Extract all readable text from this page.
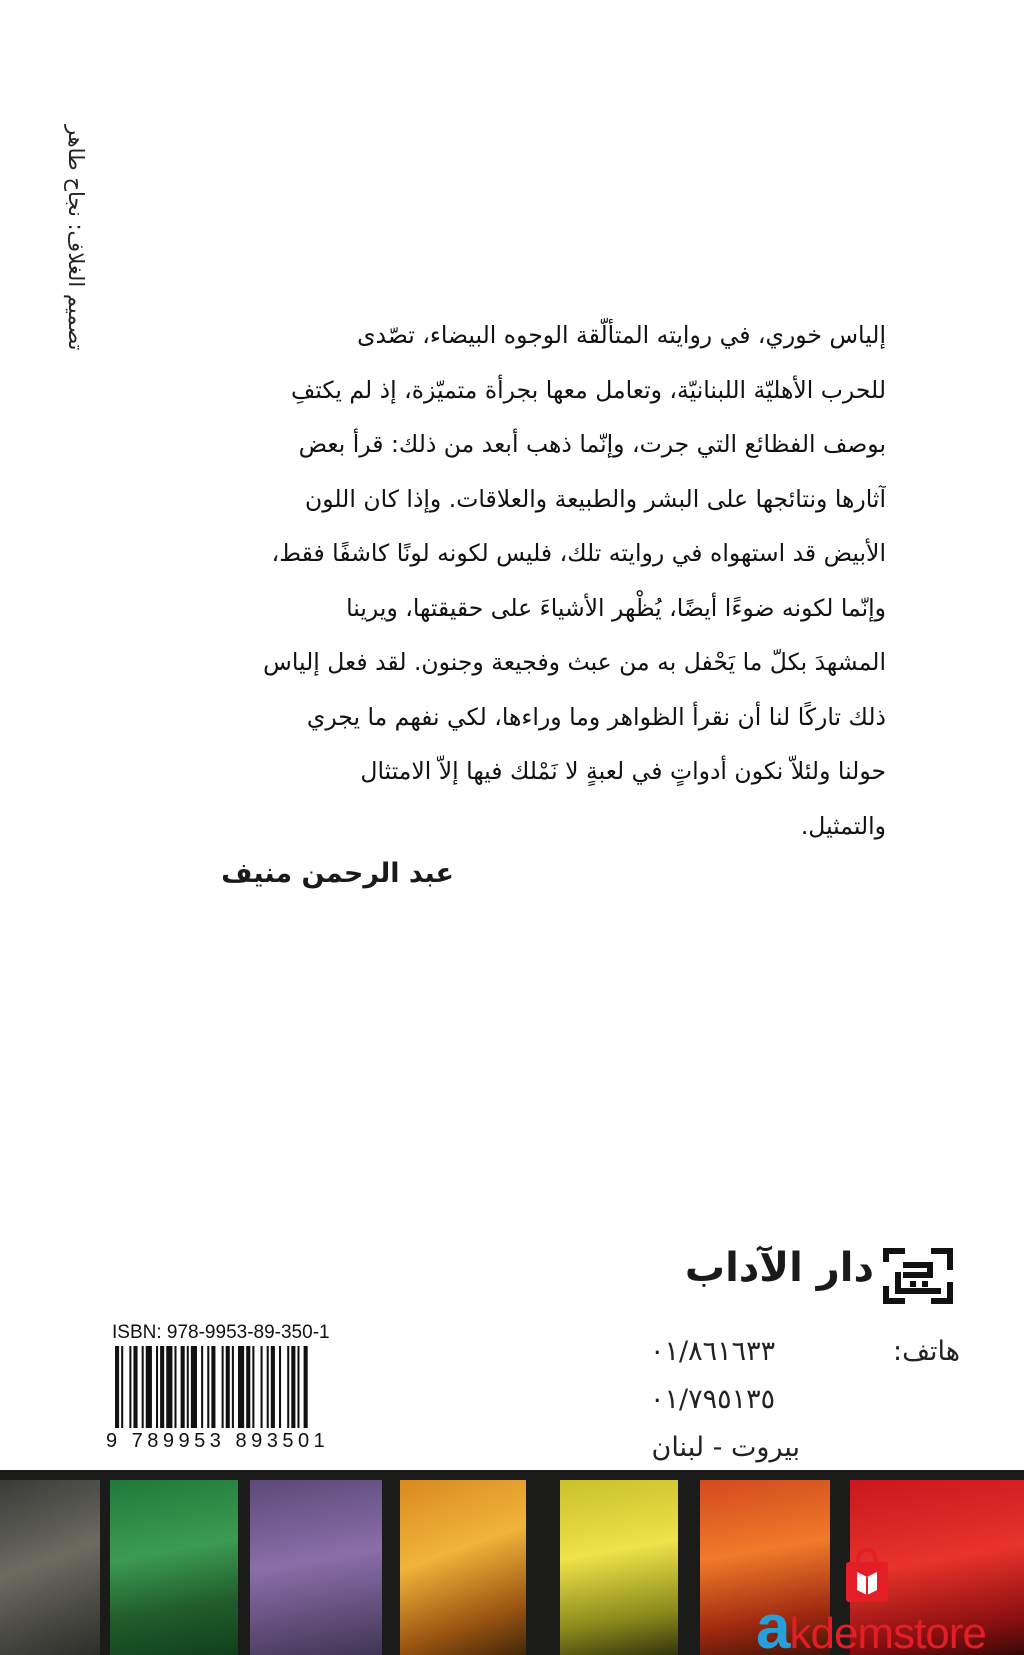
تصميم الغلاف: نجاح طاهر	إلياس خوري، في روايته المتألّقة الوجوه البيضاء، تصّدى
للحرب الأهليّة اللبنانيّة، وتعامل معها بجرأة متميّزة، إذ لم يكتفِ
بوصف الفظائع التي جرت، وإنّما ذهب أبعد من ذلك: قرأ بعض
آثارها ونتائجها على البشر والطبيعة والعلاقات. وإذا كان اللون
الأبيض قد استهواه في روايته تلك، فليس لكونه لونًا كاشفًا فقط،
وإنّما لكونه ضوءًا أيضًا، يُظْهر الأشياءَ على حقيقتها، ويرينا
المشهدَ بكلّ ما يَحْفل به من عبث وفجيعة وجنون. لقد فعل إلياس
ذلك تاركًا لنا أن نقرأ الظواهر وما وراءها، لكي نفهم ما يجري
حولنا ولئلاّ نكون أدواتٍ في لعبةٍ لا نَمْلك فيها إلاّ الامتثال
والتمثيل.
عبد الرحمن منيف
دار الآداب
هاتف:
٠١/٨٦١٦٣٣
٠١/٧٩٥١٣٥
بيروت - لبنان
ISBN: 978-9953-89-350-1
9 789953 893501
akdemstore
